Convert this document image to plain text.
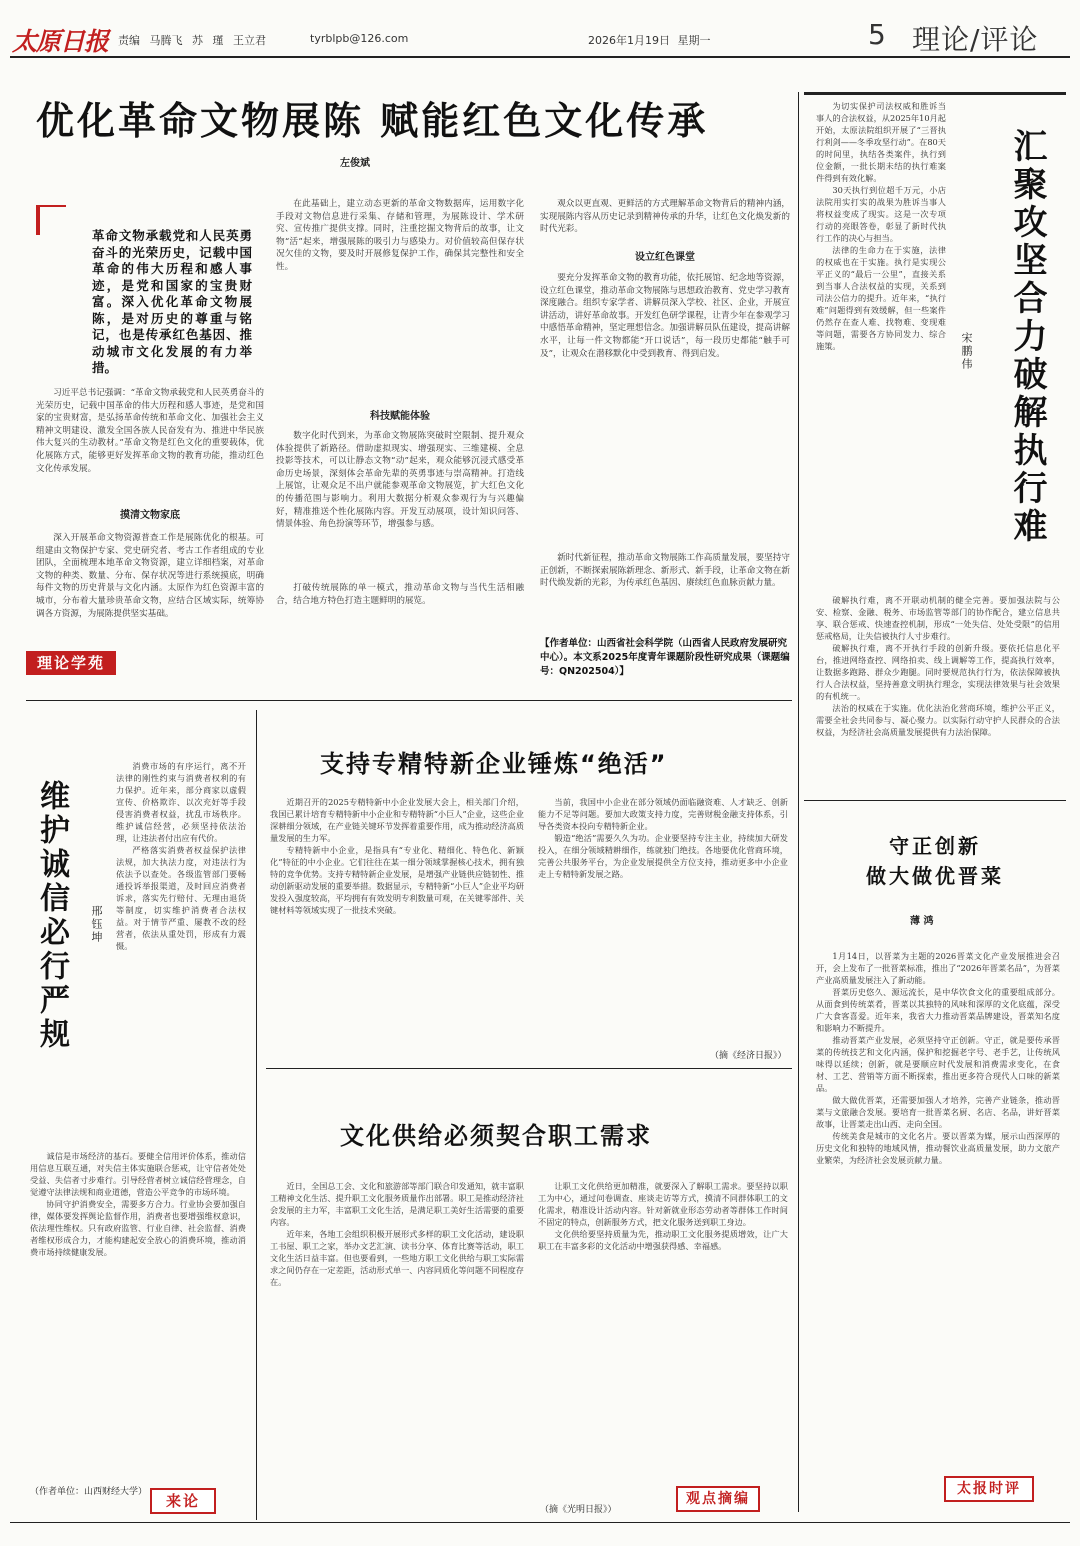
太原日报 责编 马腾飞 苏 瑾 王立君	tyrblpb@126.com	2026年1月19日 星期一	5 理论/评论
优化革命文物展陈 赋能红色文化传承
左俊斌
革命文物承载党和人民英勇奋斗的光荣历史，记载中国革命的伟大历程和感人事迹，是党和国家的宝贵财富。深入优化革命文物展陈，是对历史的尊重与铭记，也是传承红色基因、推动城市文化发展的有力举措。

习近平总书记强调：“革命文物承载党和人民英勇奋斗的光荣历史，记载中国革命的伟大历程和感人事迹，是党和国家的宝贵财富，是弘扬革命传统和革命文化、加强社会主义精神文明建设、激发全国各族人民奋发有为、推进中华民族伟大复兴的生动教材。”革命文物是红色文化的重要载体，优化展陈方式，能够更好发挥革命文物的教育功能，推动红色文化传承发展。

摸清文物家底

深入开展革命文物资源普查工作是展陈优化的根基。可组建由文物保护专家、党史研究者、考古工作者组成的专业团队，全面梳理本地革命文物资源，建立详细档案，对革命文物的种类、数量、分布、保存状况等进行系统摸底，明确每件文物的历史背景与文化内涵。太原作为红色资源丰富的城市，分布着大量珍贵革命文物，应结合区域实际，统筹协调各方资源，为展陈提供坚实基础。

理论学苑

在此基础上，建立动态更新的革命文物数据库，运用数字化手段对文物信息进行采集、存储和管理，为展陈设计、学术研究、宣传推广提供支撑。同时，注重挖掘文物背后的故事，让文物“活”起来，增强展陈的吸引力与感染力。对价值较高但保存状况欠佳的文物，要及时开展修复保护工作，确保其完整性和安全性。

科技赋能体验

数字化时代到来，为革命文物展陈突破时空限制、提升观众体验提供了新路径。借助虚拟现实、增强现实、三维建模、全息投影等技术，可以让静态文物“动”起来，观众能够沉浸式感受革命历史场景，深刻体会革命先辈的英勇事迹与崇高精神。打造线上展馆，让观众足不出户就能参观革命文物展览，扩大红色文化的传播范围与影响力。利用大数据分析观众参观行为与兴趣偏好，精准推送个性化展陈内容。开发互动展项，设计知识问答、情景体验、角色扮演等环节，增强参与感。

打破传统展陈的单一模式，推动革命文物与当代生活相融合，结合地方特色打造主题鲜明的展览。

观众以更直观、更鲜活的方式理解革命文物背后的精神内涵，实现展陈内容从历史记录到精神传承的升华，让红色文化焕发新的时代光彩。

设立红色课堂

要充分发挥革命文物的教育功能，依托展馆、纪念地等资源，设立红色课堂，推动革命文物展陈与思想政治教育、党史学习教育深度融合。组织专家学者、讲解员深入学校、社区、企业，开展宣讲活动，讲好革命故事。开发红色研学课程，让青少年在参观学习中感悟革命精神，坚定理想信念。加强讲解员队伍建设，提高讲解水平，让每一件文物都能“开口说话”，每一段历史都能“触手可及”，让观众在潜移默化中受到教育、得到启发。

新时代新征程，推动革命文物展陈工作高质量发展，要坚持守正创新，不断探索展陈新理念、新形式、新手段，让革命文物在新时代焕发新的光彩，为传承红色基因、赓续红色血脉贡献力量。

【作者单位：山西省社会科学院（山西省人民政府发展研究中心）。本文系2025年度青年课题阶段性研究成果（课题编号：QN202504）】
汇聚攻坚合力破解执行难
宋鹏伟

为切实保护司法权威和胜诉当事人的合法权益，从2025年10月起开始，太原法院组织开展了“三晋执行利剑——冬季攻坚行动”。在80天的时间里，执结各类案件，执行到位金额，一批长期未结的执行难案件得到有效化解。

30天执行到位超千万元，小店法院用实打实的战果为胜诉当事人将权益变成了现实。这是一次专项行动的亮眼答卷，彰显了新时代执行工作的决心与担当。

法律的生命力在于实施，法律的权威也在于实施。执行是实现公平正义的“最后一公里”，直接关系到当事人合法权益的实现，关系到司法公信力的提升。近年来，“执行难”问题得到有效缓解，但一些案件仍然存在查人难、找物难、变现难等问题，需要各方协同发力、综合施策。

破解执行难，离不开联动机制的健全完善。要加强法院与公安、检察、金融、税务、市场监管等部门的协作配合，建立信息共享、联合惩戒、快速查控机制，形成“一处失信、处处受限”的信用惩戒格局，让失信被执行人寸步难行。

破解执行难，离不开执行手段的创新升级。要依托信息化平台，推进网络查控、网络拍卖、线上调解等工作，提高执行效率，让数据多跑路、群众少跑腿。同时要规范执行行为，依法保障被执行人合法权益，坚持善意文明执行理念，实现法律效果与社会效果的有机统一。

法治的权威在于实施。优化法治化营商环境，维护公平正义，需要全社会共同参与、凝心聚力。以实际行动守护人民群众的合法权益，为经济社会高质量发展提供有力法治保障。

维护诚信必行严规 邢钰坤

消费市场的有序运行，离不开法律的刚性约束与消费者权利的有力保护。近年来，部分商家以虚假宣传、价格欺诈、以次充好等手段侵害消费者权益，扰乱市场秩序。维护诚信经营，必须坚持依法治理，让违法者付出应有代价。

严格落实消费者权益保护法律法规，加大执法力度，对违法行为依法予以查处。各级监管部门要畅通投诉举报渠道，及时回应消费者诉求，落实先行赔付、无理由退货等制度，切实维护消费者合法权益。对于情节严重、屡教不改的经营者，依法从重处罚，形成有力震慑。

诚信是市场经济的基石。要健全信用评价体系，推动信用信息互联互通，对失信主体实施联合惩戒，让守信者处处受益、失信者寸步难行。引导经营者树立诚信经营理念，自觉遵守法律法规和商业道德，营造公平竞争的市场环境。

协同守护消费安全，需要多方合力。行业协会要加强自律，媒体要发挥舆论监督作用，消费者也要增强维权意识，依法理性维权。只有政府监管、行业自律、社会监督、消费者维权形成合力，才能构建起安全放心的消费环境，推动消费市场持续健康发展。

（作者单位：山西财经大学）	来论
支持专精特新企业锤炼“绝活”

近期召开的2025专精特新中小企业发展大会上，相关部门介绍，我国已累计培育专精特新中小企业和专精特新“小巨人”企业，这些企业深耕细分领域，在产业链关键环节发挥着重要作用，成为推动经济高质量发展的生力军。

专精特新中小企业，是指具有“专业化、精细化、特色化、新颖化”特征的中小企业。它们往往在某一细分领域掌握核心技术，拥有独特的竞争优势。支持专精特新企业发展，是增强产业链供应链韧性、推动创新驱动发展的重要举措。数据显示，专精特新“小巨人”企业平均研发投入强度较高，平均拥有有效发明专利数量可观，在关键零部件、关键材料等领域实现了一批技术突破。

当前，我国中小企业在部分领域仍面临融资难、人才缺乏、创新能力不足等问题。要加大政策支持力度，完善财税金融支持体系，引导各类资本投向专精特新企业。

锻造“绝活”需要久久为功。企业要坚持专注主业，持续加大研发投入，在细分领域精耕细作，练就独门绝技。各地要优化营商环境，完善公共服务平台，为企业发展提供全方位支持，推动更多中小企业走上专精特新发展之路。

（摘《经济日报》）
文化供给必须契合职工需求

近日，全国总工会、文化和旅游部等部门联合印发通知，就丰富职工精神文化生活、提升职工文化服务质量作出部署。职工是推动经济社会发展的主力军，丰富职工文化生活，是满足职工美好生活需要的重要内容。

近年来，各地工会组织积极开展形式多样的职工文化活动，建设职工书屋、职工之家，举办文艺汇演、读书分享、体育比赛等活动，职工文化生活日益丰富。但也要看到，一些地方职工文化供给与职工实际需求之间仍存在一定差距，活动形式单一、内容同质化等问题不同程度存在。

让职工文化供给更加精准，就要深入了解职工需求。要坚持以职工为中心，通过问卷调查、座谈走访等方式，摸清不同群体职工的文化需求，精准设计活动内容。针对新就业形态劳动者等群体工作时间不固定的特点，创新服务方式，把文化服务送到职工身边。

文化供给要坚持质量为先，推动职工文化服务提质增效，让广大职工在丰富多彩的文化活动中增强获得感、幸福感。

观点摘编
（摘《光明日报》）
守正创新
做大做优晋菜
薄 鸿

1月14日，以晋菜为主题的2026晋菜文化产业发展推进会召开，会上发布了一批晋菜标准，推出了“2026年晋菜名品”，为晋菜产业高质量发展注入了新动能。

晋菜历史悠久、源远流长，是中华饮食文化的重要组成部分。从面食到传统菜肴，晋菜以其独特的风味和深厚的文化底蕴，深受广大食客喜爱。近年来，我省大力推动晋菜品牌建设，晋菜知名度和影响力不断提升。

推动晋菜产业发展，必须坚持守正创新。守正，就是要传承晋菜的传统技艺和文化内涵，保护和挖掘老字号、老手艺，让传统风味得以延续；创新，就是要顺应时代发展和消费需求变化，在食材、工艺、营销等方面不断探索，推出更多符合现代人口味的新菜品。

做大做优晋菜，还需要加强人才培养，完善产业链条，推动晋菜与文旅融合发展。要培育一批晋菜名厨、名店、名品，讲好晋菜故事，让晋菜走出山西、走向全国。

传统美食是城市的文化名片。要以晋菜为媒，展示山西深厚的历史文化和独特的地域风情，推动餐饮业高质量发展，助力文旅产业繁荣，为经济社会发展贡献力量。

太报时评
